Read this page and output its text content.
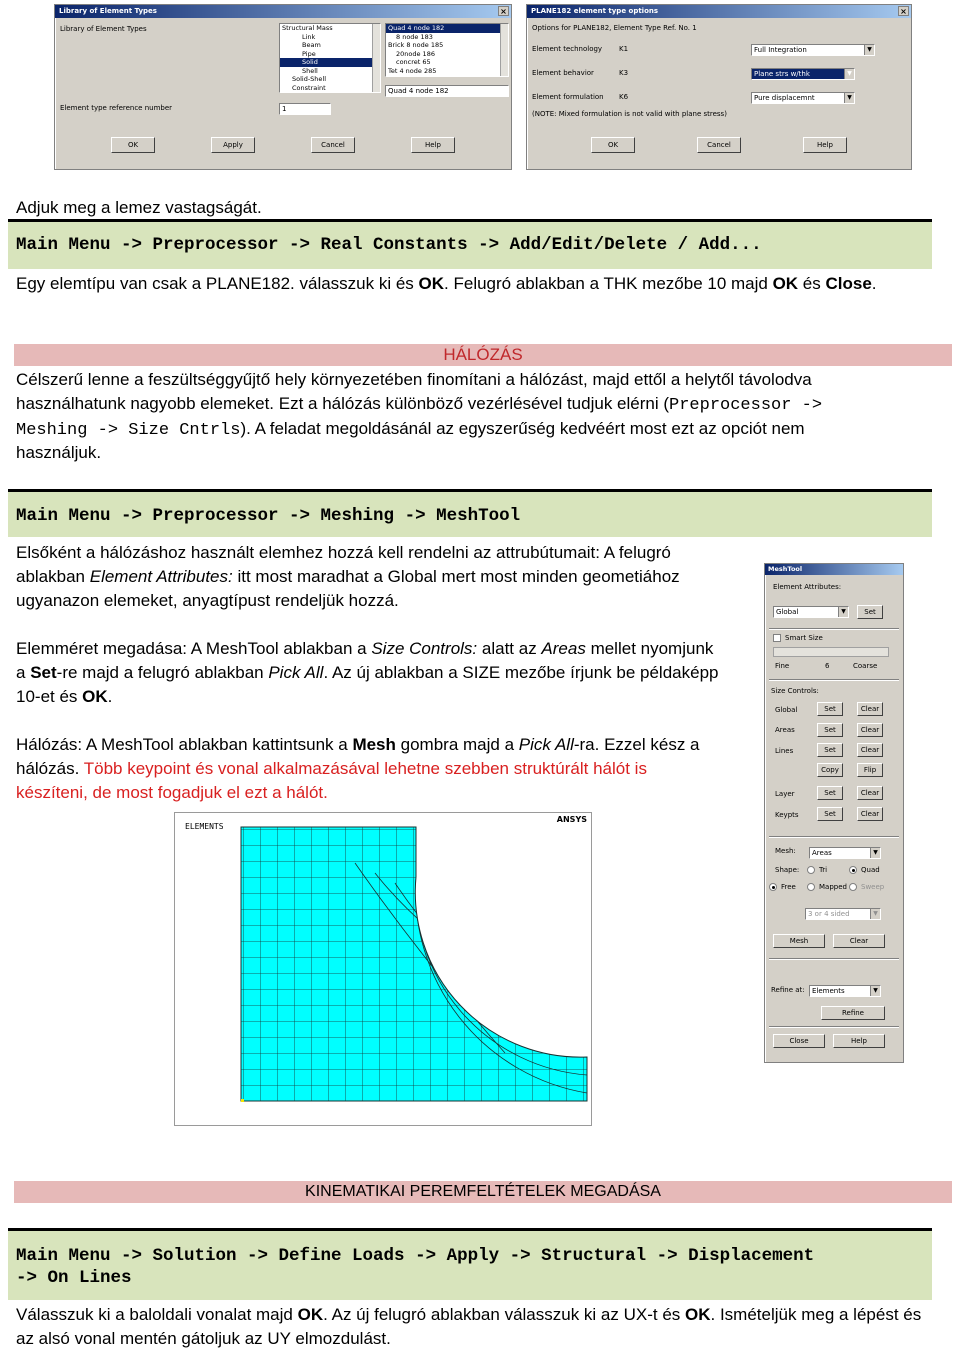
Library of Element Types	×
Library of Element Types	Structural Mass
Link
Beam
Pipe
Solid
Shell
Solid-Shell
Constraint
Quad 4 node 182
8 node 183
Brick 8 node 185
20node 186
concret 65
Tet 4 node 285
Quad 4 node 182
Element type reference number	1
OK	Apply	Cancel	Help
PLANE182 element type options	×
Options for PLANE182, Element Type Ref. No. 1
Element technology K1	Full Integration	▼
Element behavior	K3	Plane strs w/thk	▼
Element formulation K6	Pure displacemnt	▼
(NOTE: Mixed formulation is not valid with plane stress)
OK	Cancel	Help
Adjuk meg a lemez vastagságát.
Main Menu -> Preprocessor -> Real Constants -> Add/Edit/Delete / Add...
Egy elemtípu van csak a PLANE182. válasszuk ki és OK. Felugró ablakban a THK mezőbe 10 majd OK és Close.
HÁLÓZÁS
Célszerű lenne a feszültséggyűjtő hely környezetében finomítani a hálózást, majd ettől a helytől távolodva
használhatunk nagyobb elemeket. Ezt a hálózás különböző vezérlésével tudjuk elérni (Preprocessor ->
Meshing -> Size Cntrls). A feladat megoldásánál az egyszerűség kedvéért most ezt az opciót nem
használjuk.
Main Menu -> Preprocessor -> Meshing -> MeshTool
Elsőként a hálózáshoz használt elemhez hozzá kell rendelni az attrubútumait: A felugró
ablakban Element Attributes: itt most maradhat a Global mert most minden geometiához
ugyanazon elemeket, anyagtípust rendeljük hozzá.
Elemméret megadása: A MeshTool ablakban a Size Controls: alatt az Areas mellet nyomjunk
a Set-re majd a felugró ablakban Pick All. Az új ablakban a SIZE mezőbe írjunk be példaképp
10-et és OK.
Hálózás: A MeshTool ablakban kattintsunk a Mesh gombra majd a Pick All-ra. Ezzel kész a
hálózás. Több keypoint és vonal alkalmazásával lehetne szebben struktúrált hálót is
készíteni, de most fogadjuk el ezt a hálót.
MeshTool
Element Attributes:
Global	▼	Set
Smart Size
Fine	6	Coarse
Size Controls:
Global	Set	Clear
Areas	Set	Clear
Lines	Set	Clear
Copy	Flip
Layer	Set	Clear
Keypts	Set	Clear
Mesh:	Areas	▼
Shape:	Tri	Quad
Free	Mapped Sweep
3 or 4 sided	▼
Mesh	Clear
Refine at:	Elements	▼
Refine
Close	Help
ELEMENTS
ANSYS
KINEMATIKAI PEREMFELTÉTELEK MEGADÁSA
Main Menu -> Solution -> Define Loads -> Apply -> Structural -> Displacement
-> On Lines
Válasszuk ki a baloldali vonalat majd OK. Az új felugró ablakban válasszuk ki az UX-t és OK. Ismételjük meg a lépést és
az alsó vonal mentén gátoljuk az UY elmozdulást.
